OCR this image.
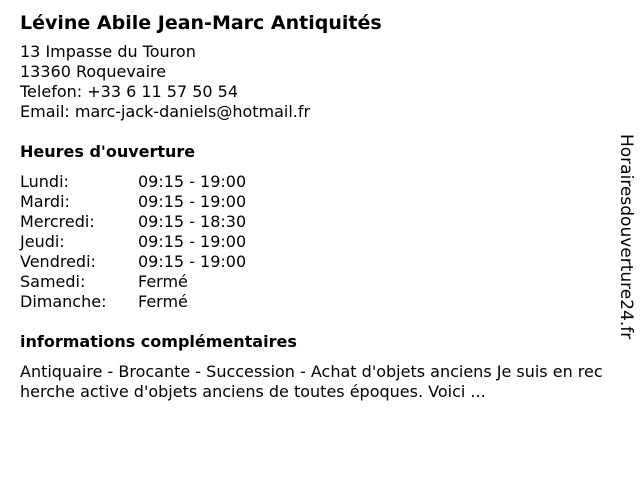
Lévine Abile Jean-Marc Antiquités
13 Impasse du Touron
13360 Roquevaire
Telefon: +33 6 11 57 50 54
Email: marc-jack-daniels@hotmail.fr
Heures d'ouverture
Lundi:	09:15 - 19:00
Mardi:	09:15 - 19:00
Mercredi:	09:15 - 18:30
Jeudi:	09:15 - 19:00
Vendredi:	09:15 - 19:00
Samedi:	Fermé
Dimanche:	Fermé
informations complémentaires
Antiquaire - Brocante - Succession - Achat d'objets anciens Je suis en recherche active d'objets anciens de toutes époques. Voici ...
Horairesdouverture24.fr
